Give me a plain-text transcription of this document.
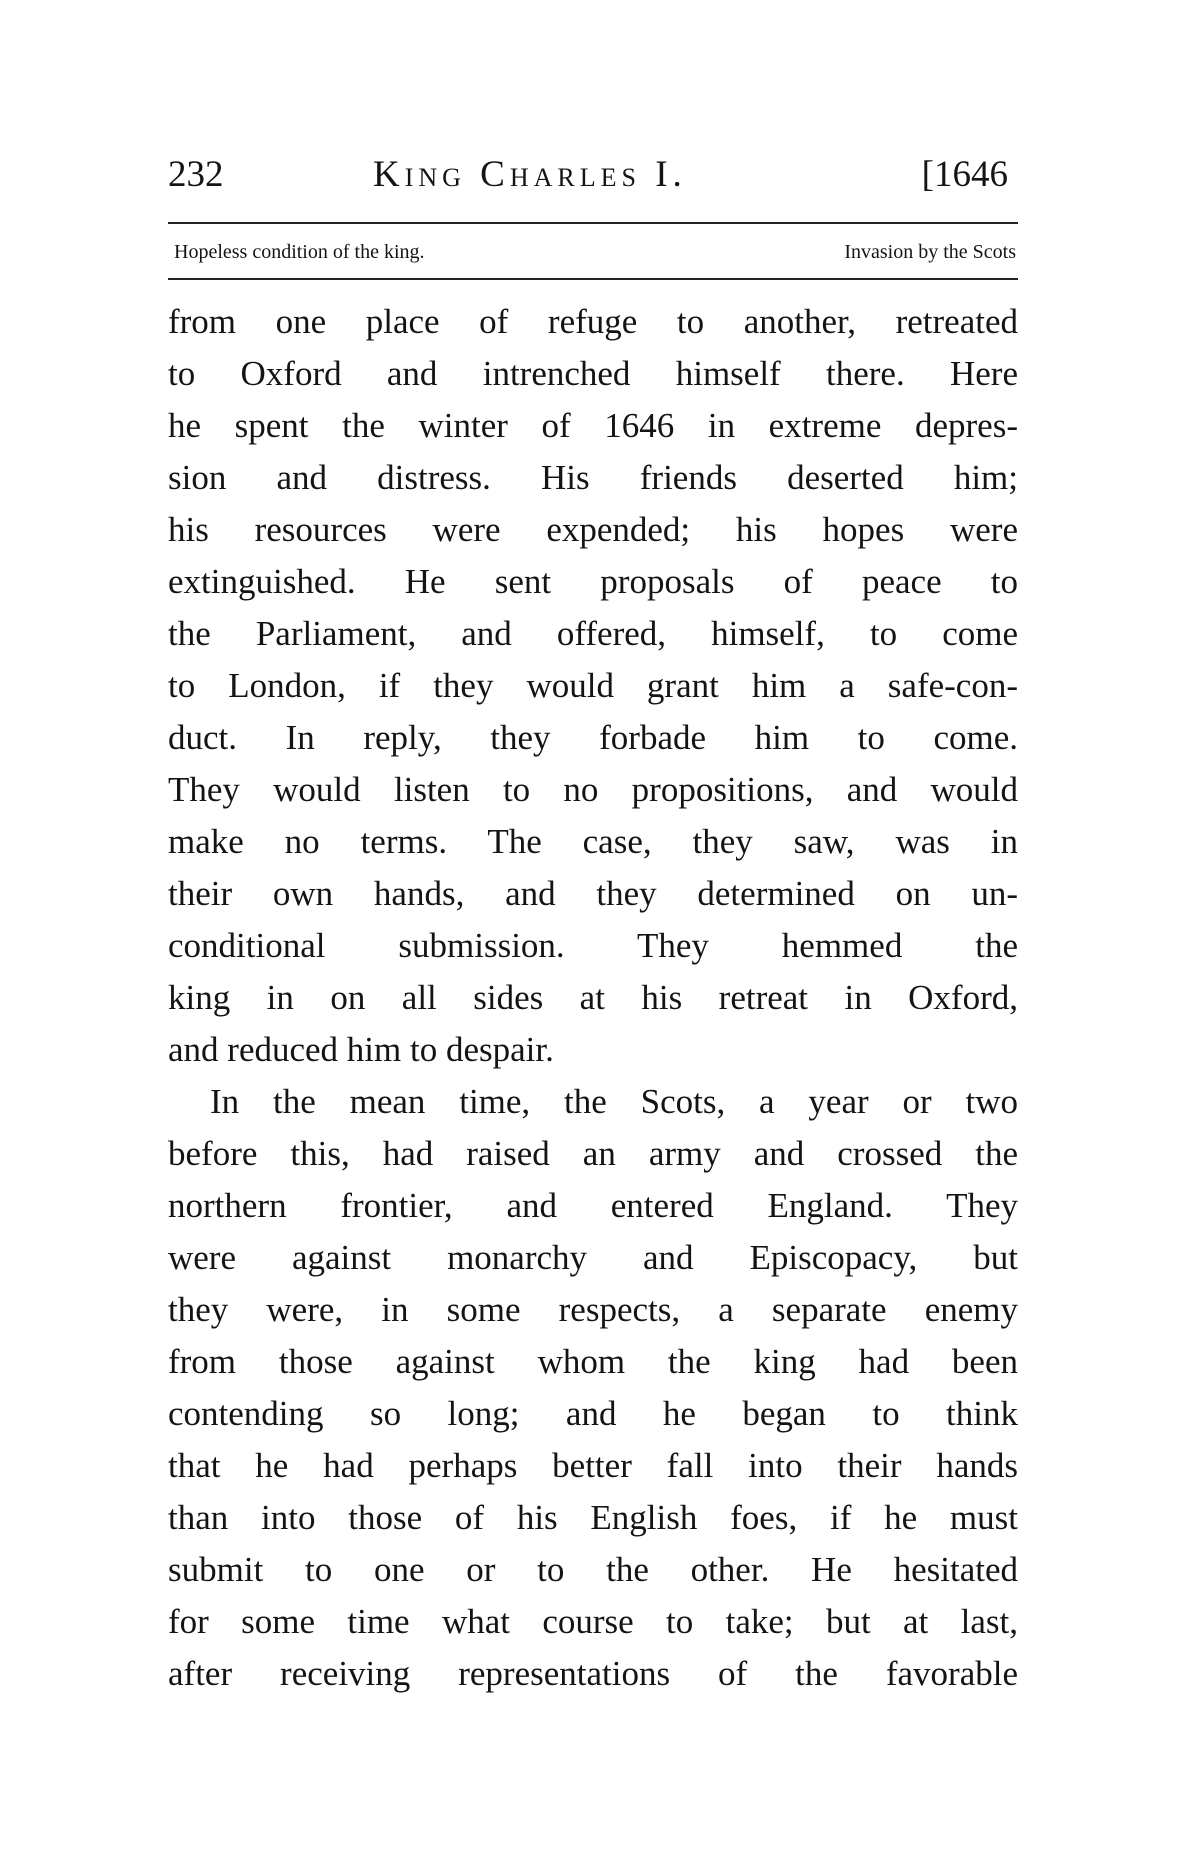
232	King Charles I.	[1646
Hopeless condition of the king.	Invasion by the Scots
from one place of refuge to another, retreated
to Oxford and intrenched himself there. Here
he spent the winter of 1646 in extreme depres-
sion and distress. His friends deserted him;
his resources were expended; his hopes were
extinguished. He sent proposals of peace to
the Parliament, and offered, himself, to come
to London, if they would grant him a safe-con-
duct. In reply, they forbade him to come.
They would listen to no propositions, and would
make no terms. The case, they saw, was in
their own hands, and they determined on un-
conditional submission. They hemmed the
king in on all sides at his retreat in Oxford,
and reduced him to despair.
In the mean time, the Scots, a year or two
before this, had raised an army and crossed the
northern frontier, and entered England. They
were against monarchy and Episcopacy, but
they were, in some respects, a separate enemy
from those against whom the king had been
contending so long; and he began to think
that he had perhaps better fall into their hands
than into those of his English foes, if he must
submit to one or to the other. He hesitated
for some time what course to take; but at last,
after receiving representations of the favorable
